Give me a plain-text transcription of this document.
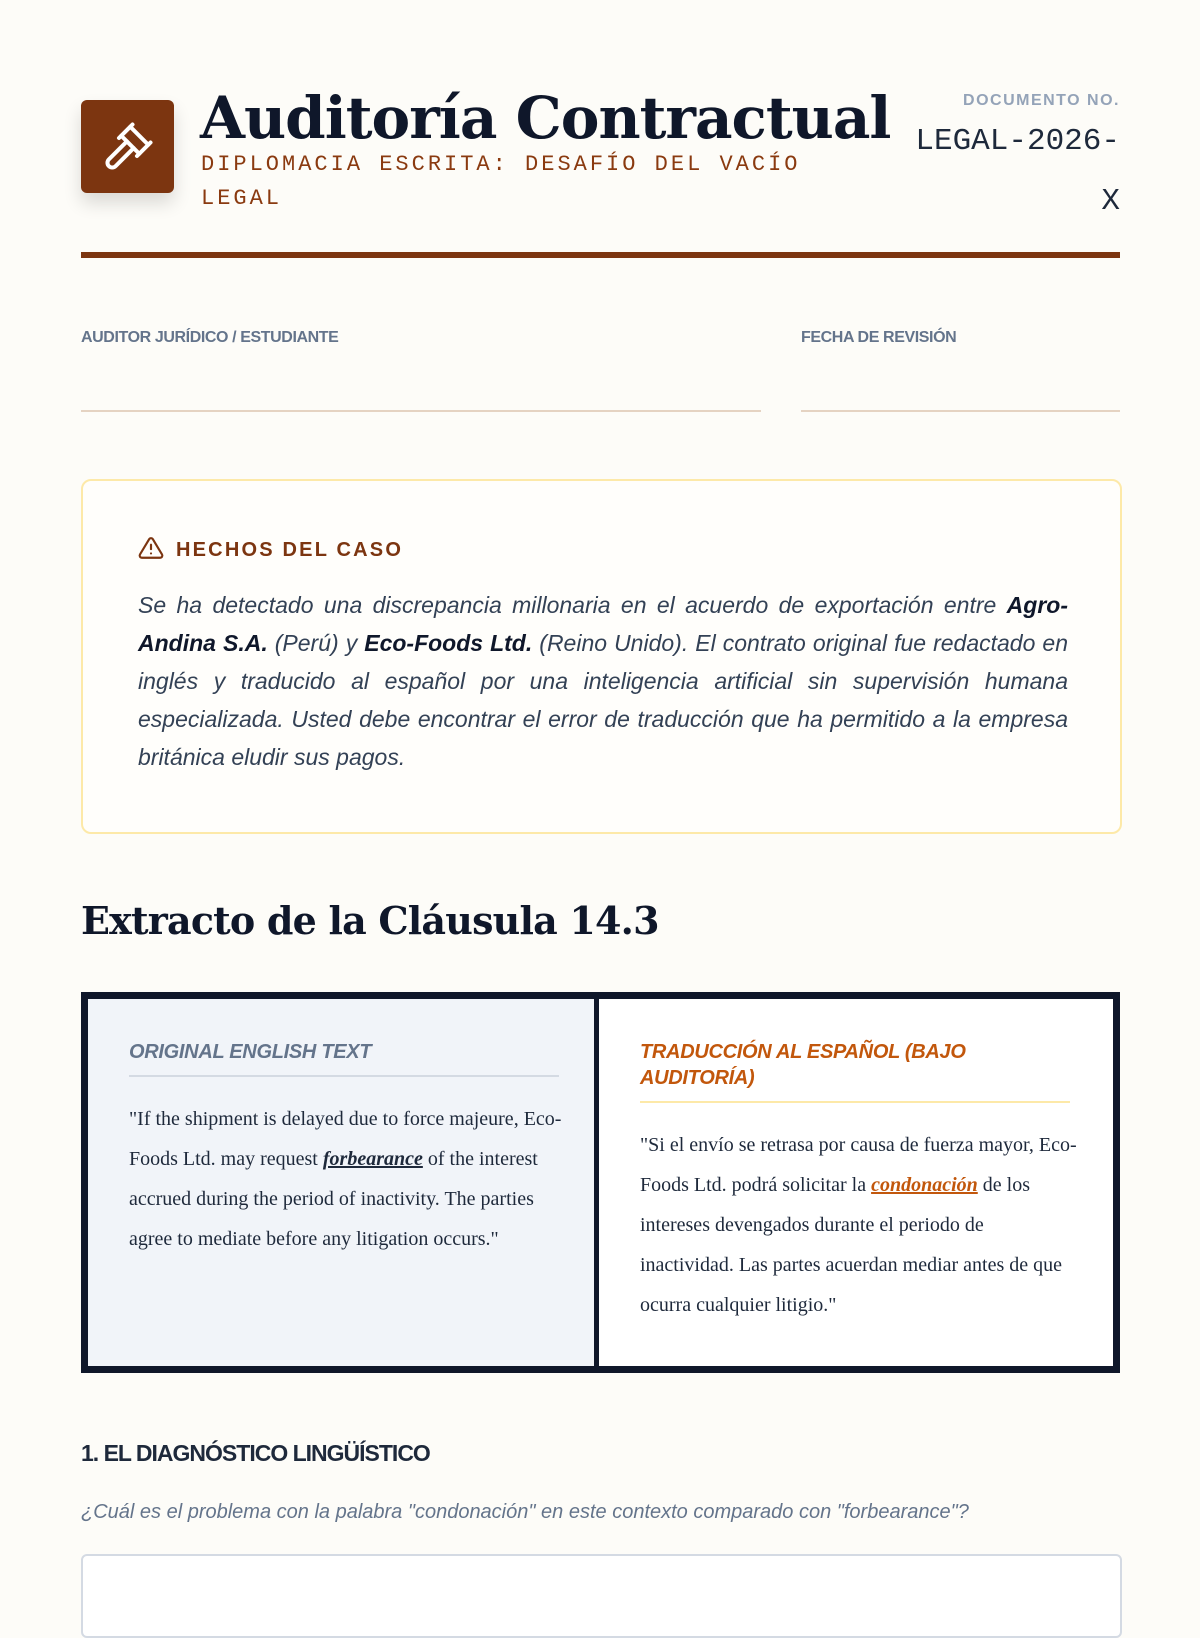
Auditoría Contractual
DIPLOMACIA ESCRITA: DESAFÍO DEL VACÍO LEGAL
DOCUMENTO NO.
LEGAL-2026-X
AUDITOR JURÍDICO / ESTUDIANTE	FECHA DE REVISIÓN
HECHOS DEL CASO
Se ha detectado una discrepancia millonaria en el acuerdo de exportación entre Agro-Andina S.A. (Perú) y Eco-Foods Ltd. (Reino Unido). El contrato original fue redactado en inglés y traducido al español por una inteligencia artificial sin supervisión humana especializada. Usted debe encontrar el error de traducción que ha permitido a la empresa británica eludir sus pagos.
Extracto de la Cláusula 14.3
ORIGINAL ENGLISH TEXT
"If the shipment is delayed due to force majeure, Eco-Foods Ltd. may request forbearance of the interest accrued during the period of inactivity. The parties agree to mediate before any litigation occurs."
TRADUCCIÓN AL ESPAÑOL (BAJO AUDITORÍA)
"Si el envío se retrasa por causa de fuerza mayor, Eco-Foods Ltd. podrá solicitar la condonación de los intereses devengados durante el periodo de inactividad. Las partes acuerdan mediar antes de que ocurra cualquier litigio."
1. EL DIAGNÓSTICO LINGÜÍSTICO
¿Cuál es el problema con la palabra "condonación" en este contexto comparado con "forbearance"?
